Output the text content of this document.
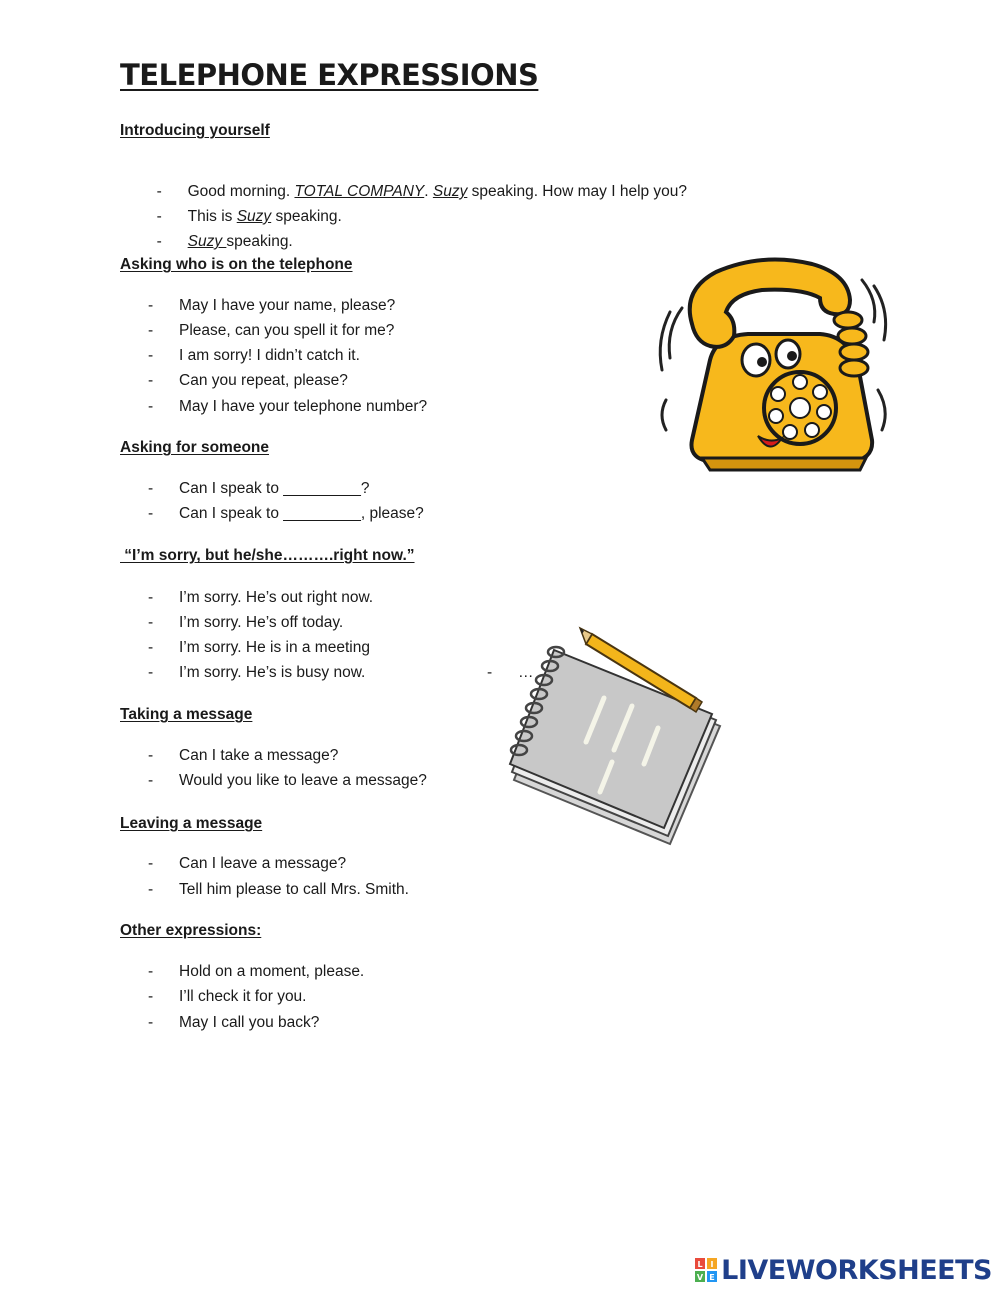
TELEPHONE EXPRESSIONS

Introducing yourself

- Good morning. TOTAL COMPANY. Suzy speaking. How may I help you?

- This is Suzy speaking.

- Suzy speaking.

Asking who is on the telephone

- May I have your name, please?
- Please, can you spell it for me?
- I am sorry! I didn’t catch it.
- Can you repeat, please?
- May I have your telephone number?

Asking for someone

- Can I speak to _________?
- Can I speak to _________, please?

“I’m sorry, but he/she……….right now.”

- I’m sorry. He’s out right now.
- I’m sorry. He’s off today.
- I’m sorry. He is in a meeting
- I’m sorry. He’s is busy now.	- …

Taking a message

- Can I take a message?
- Would you like to leave a message?

Leaving a message

- Can I leave a message?
- Tell him please to call Mrs. Smith.

Other expressions:

- Hold on a moment, please.
- I’ll check it for you.
- May I call you back?
L I
V E LIVEWORKSHEETS
